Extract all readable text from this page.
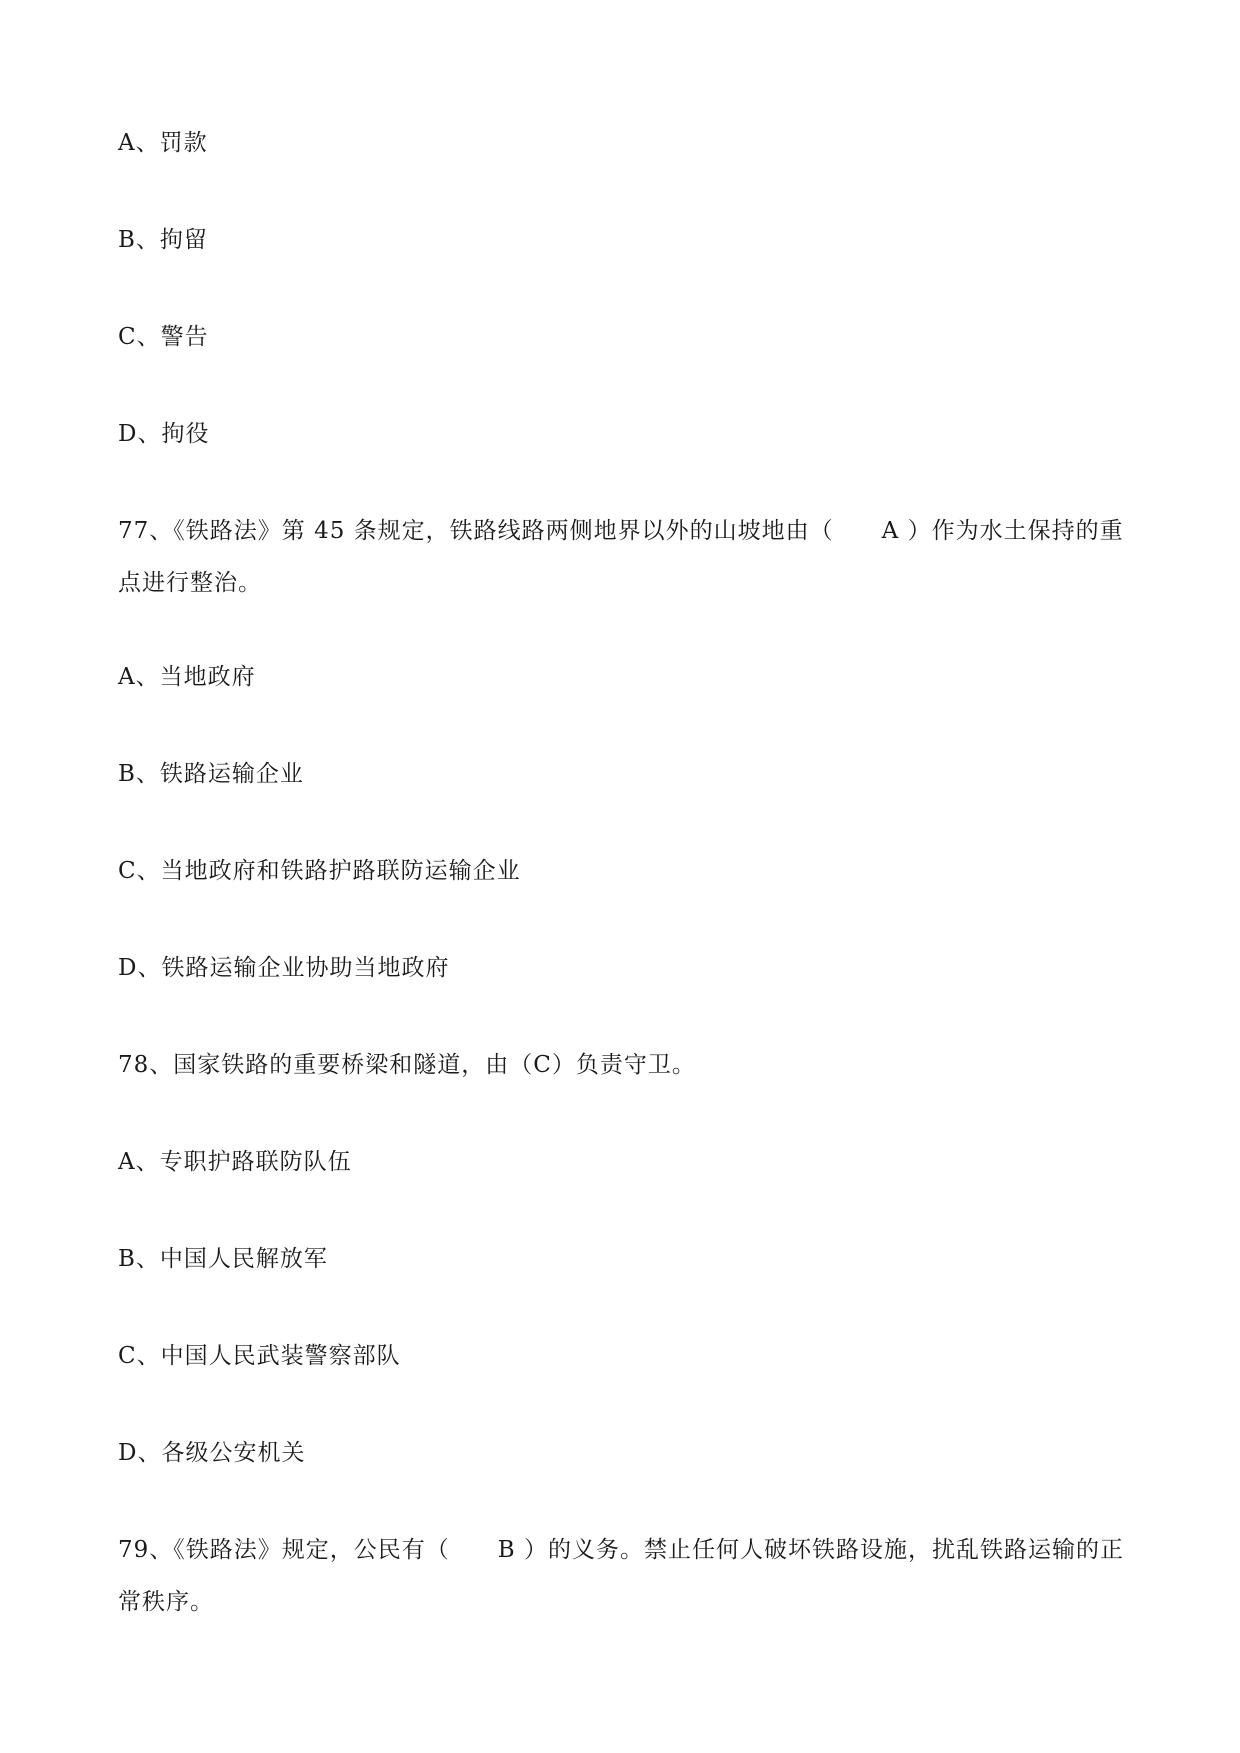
A、罚款
B、拘留
C、警告
D、拘役
77、《铁路法》第 45 条规定，铁路线路两侧地界以外的山坡地由（　　A ）作为水土保持的重点进行整治。
A、当地政府
B、铁路运输企业
C、当地政府和铁路护路联防运输企业
D、铁路运输企业协助当地政府
78、国家铁路的重要桥梁和隧道，由（C）负责守卫。
A、专职护路联防队伍
B、中国人民解放军
C、中国人民武装警察部队
D、各级公安机关
79、《铁路法》规定，公民有（　　B ）的义务。禁止任何人破坏铁路设施，扰乱铁路运输的正常秩序。
